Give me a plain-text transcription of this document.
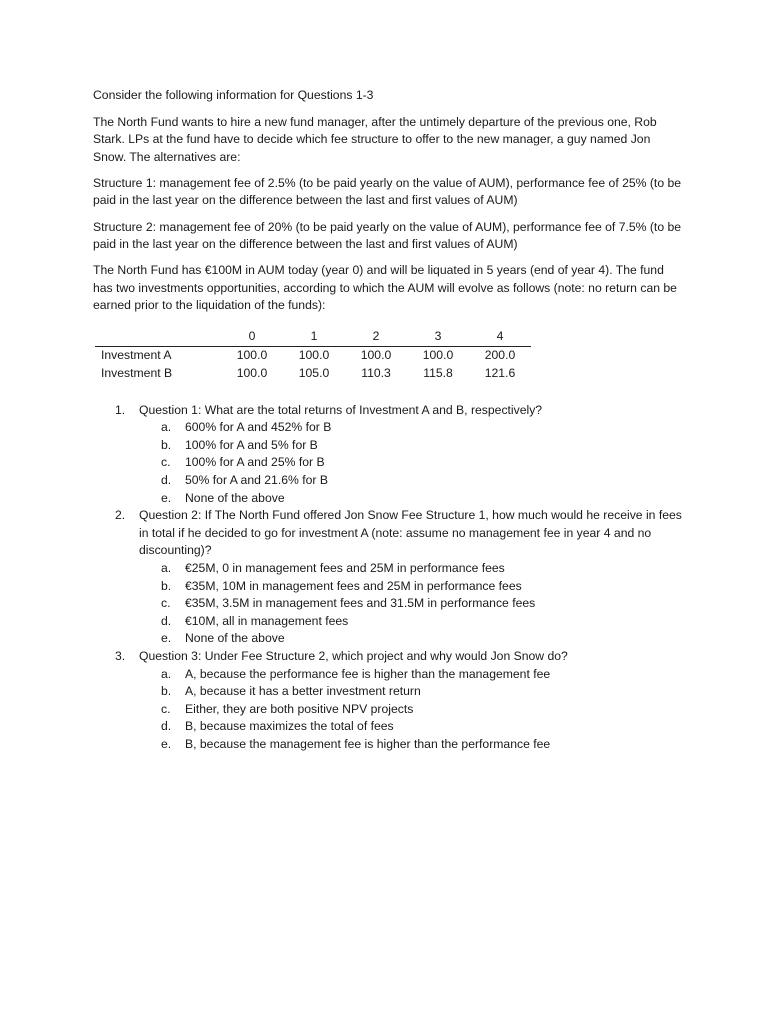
Consider the following information for Questions 1-3

The North Fund wants to hire a new fund manager, after the untimely departure of the previous one, Rob Stark. LPs at the fund have to decide which fee structure to offer to the new manager, a guy named Jon Snow. The alternatives are:

Structure 1: management fee of 2.5% (to be paid yearly on the value of AUM), performance fee of 25% (to be paid in the last year on the difference between the last and first values of AUM)

Structure 2: management fee of 20% (to be paid yearly on the value of AUM), performance fee of 7.5% (to be paid in the last year on the difference between the last and first values of AUM)

The North Fund has €100M in AUM today (year 0) and will be liquated in 5 years (end of year 4). The fund has two investments opportunities, according to which the AUM will evolve as follows (note: no return can be earned prior to the liquidation of the funds):

	0	1	2	3	4
Investment A	100.0	100.0	100.0	100.0	200.0
Investment B	100.0	105.0	110.3	115.8	121.6
1. Question 1: What are the total returns of Investment A and B, respectively?
a. 600% for A and 452% for B
b. 100% for A and 5% for B
c. 100% for A and 25% for B
d. 50% for A and 21.6% for B
e. None of the above
2. Question 2: If The North Fund offered Jon Snow Fee Structure 1, how much would he receive in fees in total if he decided to go for investment A (note: assume no management fee in year 4 and no discounting)?
a. €25M, 0 in management fees and 25M in performance fees
b. €35M, 10M in management fees and 25M in performance fees
c. €35M, 3.5M in management fees and 31.5M in performance fees
d. €10M, all in management fees
e. None of the above
3. Question 3: Under Fee Structure 2, which project and why would Jon Snow do?
a. A, because the performance fee is higher than the management fee
b. A, because it has a better investment return
c. Either, they are both positive NPV projects
d. B, because maximizes the total of fees
e. B, because the management fee is higher than the performance fee
